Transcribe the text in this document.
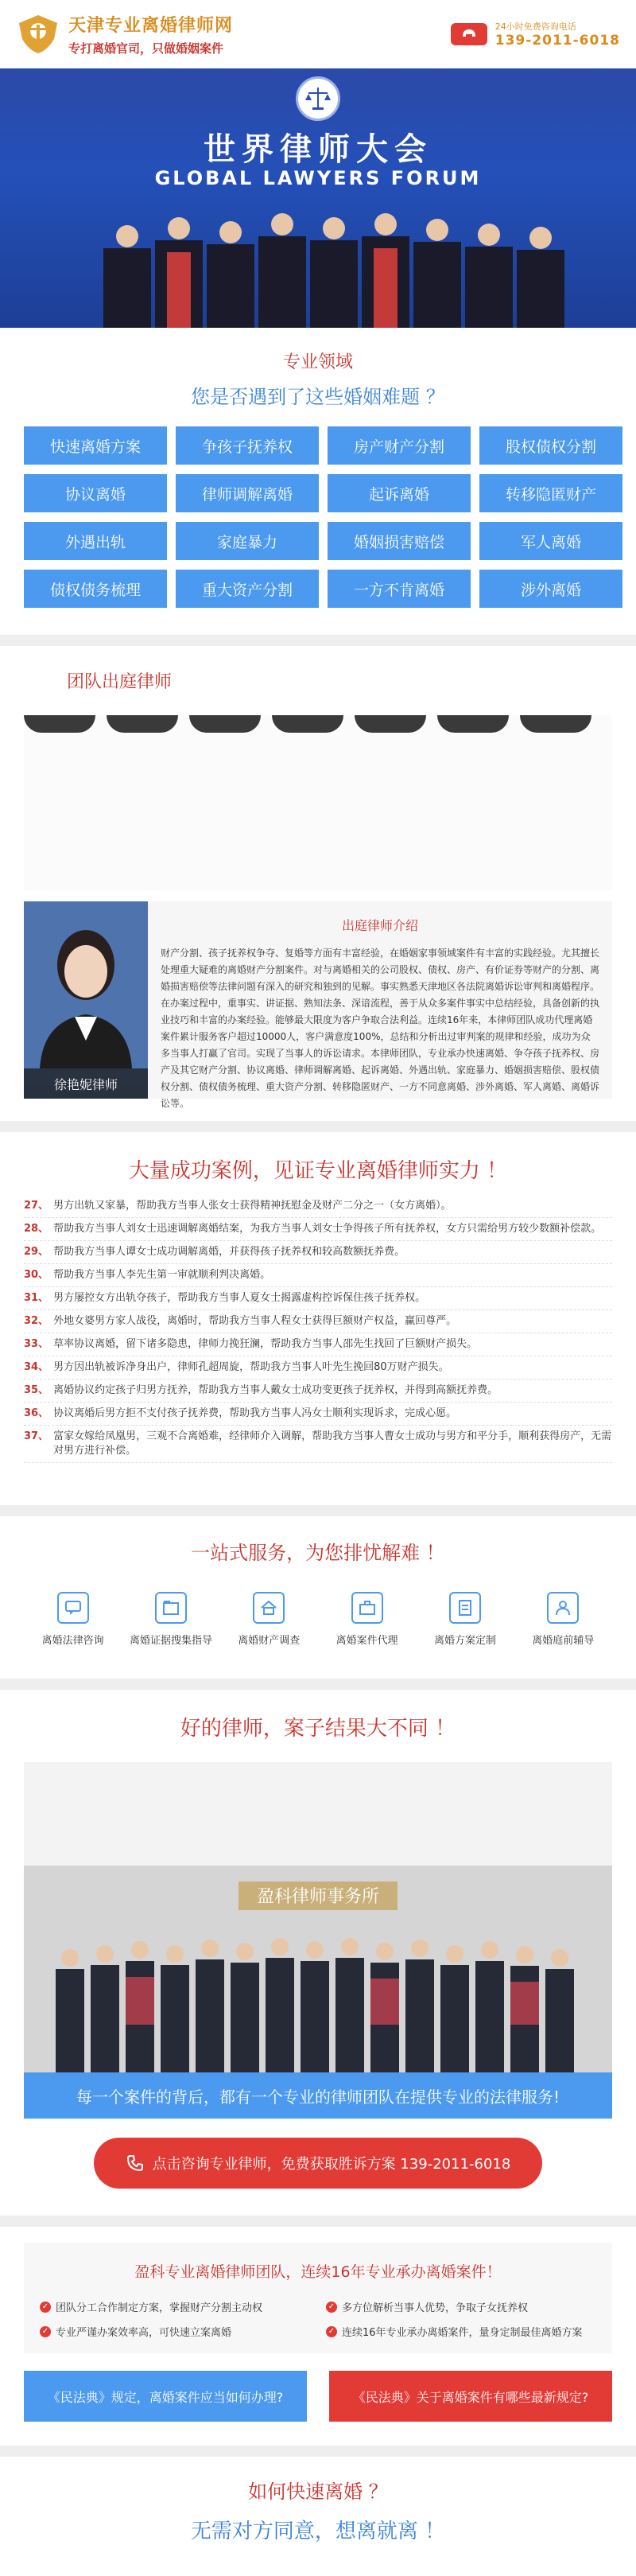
天津专业离婚律师网
专打离婚官司，只做婚姻案件
24小时免费咨询电话
139-2011-6018
世界律师大会
GLOBAL LAWYERS FORUM
专业领域
您是否遇到了这些婚姻难题 ？
快速离婚方案	争孩子抚养权	房产财产分割	股权债权分割
协议离婚	律师调解离婚	起诉离婚	转移隐匿财产
外遇出轨	家庭暴力	婚姻损害赔偿	军人离婚
债权债务梳理	重大资产分割	一方不肯离婚	涉外离婚
团队出庭律师
徐艳妮律师
出庭律师介绍
财产分割、孩子抚养权争夺、复婚等方面有丰富经验，在婚姻家事领域案件有丰富的实践经验。尤其擅长处理重大疑难的离婚财产分割案件。对与离婚相关的公司股权、债权、房产、有价证券等财产的分割、离婚损害赔偿等法律问题有深入的研究和独到的见解。事实熟悉天津地区各法院离婚诉讼审判和离婚程序。在办案过程中，重事实、讲证据、熟知法条、深谙流程，善于从众多案件事实中总结经验，具备创新的执业技巧和丰富的办案经验。能够最大限度为客户争取合法利益。连续16年来，本律师团队成功代理离婚案件累计服务客户超过10000人，客户满意度100%，总结和分析出过审判案的规律和经验，成功为众多当事人打赢了官司。实现了当事人的诉讼请求。本律师团队，专业承办快速离婚、争夺孩子抚养权、房产及其它财产分割、协议离婚、律师调解离婚、起诉离婚、外遇出轨、家庭暴力、婚姻损害赔偿、股权债权分割、债权债务梳理、重大资产分割、转移隐匿财产、一方不同意离婚、涉外离婚、军人离婚、离婚诉讼等。
大量成功案例，见证专业离婚律师实力 ！
27、 男方出轨又家暴，帮助我方当事人张女士获得精神抚慰金及财产二分之一（女方离婚）。
28、 帮助我方当事人刘女士迅速调解离婚结案，为我方当事人刘女士争得孩子所有抚养权，女方只需给男方较少数额补偿款。
29、 帮助我方当事人谭女士成功调解离婚，并获得孩子抚养权和较高数额抚养费。
30、 帮助我方当事人李先生第一审就顺利判决离婚。
31、 男方屡控女方出轨夺孩子，帮助我方当事人夏女士揭露虚构控诉保住孩子抚养权。
32、 外地女婆男方家人战役，离婚时，帮助我方当事人程女士获得巨额财产权益，赢回尊严。
33、 草率协议离婚，留下诸多隐患，律师力挽狂澜，帮助我方当事人邵先生找回了巨额财产损失。
34、 男方因出轨被诉净身出户，律师孔超周旋，帮助我方当事人叶先生挽回80万财产损失。
35、 离婚协议约定孩子归男方抚养，帮助我方当事人戴女士成功变更孩子抚养权，并得到高额抚养费。
36、 协议离婚后男方拒不支付孩子抚养费，帮助我方当事人冯女士顺利实现诉求，完成心愿。
37、 富家女嫁给凤凰男，三观不合离婚难，经律师介入调解，帮助我方当事人曹女士成功与男方和平分手，顺利获得房产，无需对男方进行补偿。
一站式服务，为您排忧解难 ！
离婚法律咨询 离婚证据搜集指导 离婚财产调查	离婚案件代理	离婚方案定制	离婚庭前辅导
好的律师，案子结果大不同 ！
盈科律师事务所
每一个案件的背后，都有一个专业的律师团队在提供专业的法律服务!
点击咨询专业律师，免费获取胜诉方案 139-2011-6018
盈科专业离婚律师团队，连续16年专业承办离婚案件！
✓ 团队分工合作制定方案，掌握财产分割主动权	✓ 多方位解析当事人优势，争取子女抚养权
✓ 专业严谨办案效率高，可快速立案离婚	✓ 连续16年专业承办离婚案件，量身定制最佳离婚方案
《民法典》规定，离婚案件应当如何办理?	《民法典》关于离婚案件有哪些最新规定?
如何快速离婚 ？
无需对方同意，想离就离 ！
